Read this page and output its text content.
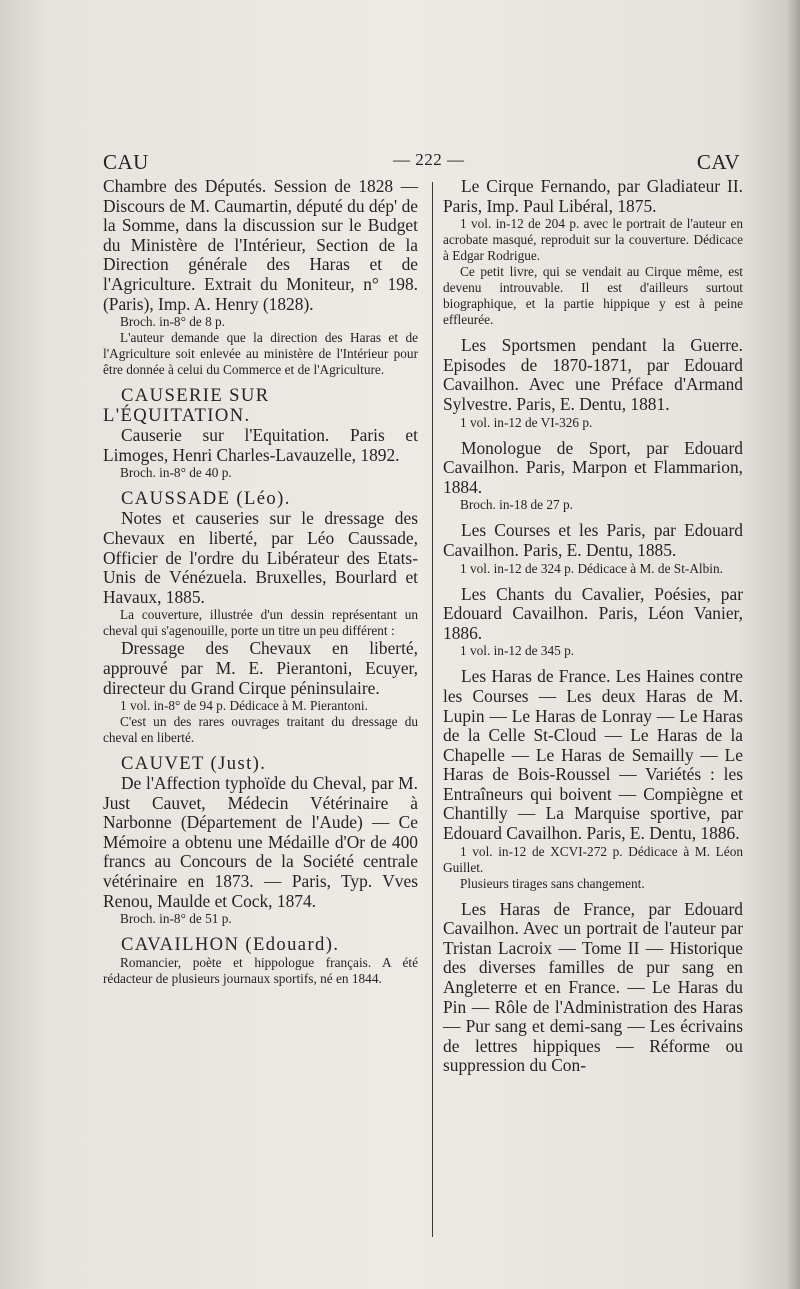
CAU	— 222 —	CAV

Chambre des Députés. Session de 1828 — Discours de M. Caumartin, député du dép' de la Somme, dans la discussion sur le Budget du Ministère de l'Intérieur, Section de la Direction générale des Haras et de l'Agriculture. Extrait du Moniteur, n° 198. (Paris), Imp. A. Henry (1828).

Broch. in-8° de 8 p.

L'auteur demande que la direction des Haras et de l'Agriculture soit enlevée au ministère de l'Intérieur pour être donnée à celui du Commerce et de l'Agriculture.

CAUSERIE SUR L'ÉQUITATION.

Causerie sur l'Equitation. Paris et Limoges, Henri Charles-Lavauzelle, 1892.

Broch. in-8° de 40 p.

CAUSSADE (Léo).

Notes et causeries sur le dressage des Chevaux en liberté, par Léo Caussade, Officier de l'ordre du Libérateur des Etats-Unis de Vénézuela. Bruxelles, Bourlard et Havaux, 1885.

La couverture, illustrée d'un dessin représentant un cheval qui s'agenouille, porte un titre un peu différent :

Dressage des Chevaux en liberté, approuvé par M. E. Pierantoni, Ecuyer, directeur du Grand Cirque péninsulaire.

1 vol. in-8° de 94 p. Dédicace à M. Pierantoni.

C'est un des rares ouvrages traitant du dressage du cheval en liberté.

CAUVET (Just).

De l'Affection typhoïde du Cheval, par M. Just Cauvet, Médecin Vétérinaire à Narbonne (Département de l'Aude) — Ce Mémoire a obtenu une Médaille d'Or de 400 francs au Concours de la Société centrale vétérinaire en 1873. — Paris, Typ. Vves Renou, Maulde et Cock, 1874.

Broch. in-8° de 51 p.

CAVAILHON (Edouard).

Romancier, poète et hippologue français. A été rédacteur de plusieurs journaux sportifs, né en 1844.

Le Cirque Fernando, par Gladiateur II. Paris, Imp. Paul Libéral, 1875.

1 vol. in-12 de 204 p. avec le portrait de l'auteur en acrobate masqué, reproduit sur la couverture. Dédicace à Edgar Rodrigue.

Ce petit livre, qui se vendait au Cirque même, est devenu introuvable. Il est d'ailleurs surtout biographique, et la partie hippique y est à peine effleurée.

Les Sportsmen pendant la Guerre. Episodes de 1870-1871, par Edouard Cavailhon. Avec une Préface d'Armand Sylvestre. Paris, E. Dentu, 1881.

1 vol. in-12 de VI-326 p.

Monologue de Sport, par Edouard Cavailhon. Paris, Marpon et Flammarion, 1884.

Broch. in-18 de 27 p.

Les Courses et les Paris, par Edouard Cavailhon. Paris, E. Dentu, 1885.

1 vol. in-12 de 324 p. Dédicace à M. de St-Albin.

Les Chants du Cavalier, Poésies, par Edouard Cavailhon. Paris, Léon Vanier, 1886.

1 vol. in-12 de 345 p.

Les Haras de France. Les Haines contre les Courses — Les deux Haras de M. Lupin — Le Haras de Lonray — Le Haras de la Celle St-Cloud — Le Haras de la Chapelle — Le Haras de Semailly — Le Haras de Bois-Roussel — Variétés : les Entraîneurs qui boivent — Compiègne et Chantilly — La Marquise sportive, par Edouard Cavailhon. Paris, E. Dentu, 1886.

1 vol. in-12 de XCVI-272 p. Dédicace à M. Léon Guillet.

Plusieurs tirages sans changement.

Les Haras de France, par Edouard Cavailhon. Avec un portrait de l'auteur par Tristan Lacroix — Tome II — Historique des diverses familles de pur sang en Angleterre et en France. — Le Haras du Pin — Rôle de l'Administration des Haras — Pur sang et demi-sang — Les écrivains de lettres hippiques — Réforme ou suppression du Con-
